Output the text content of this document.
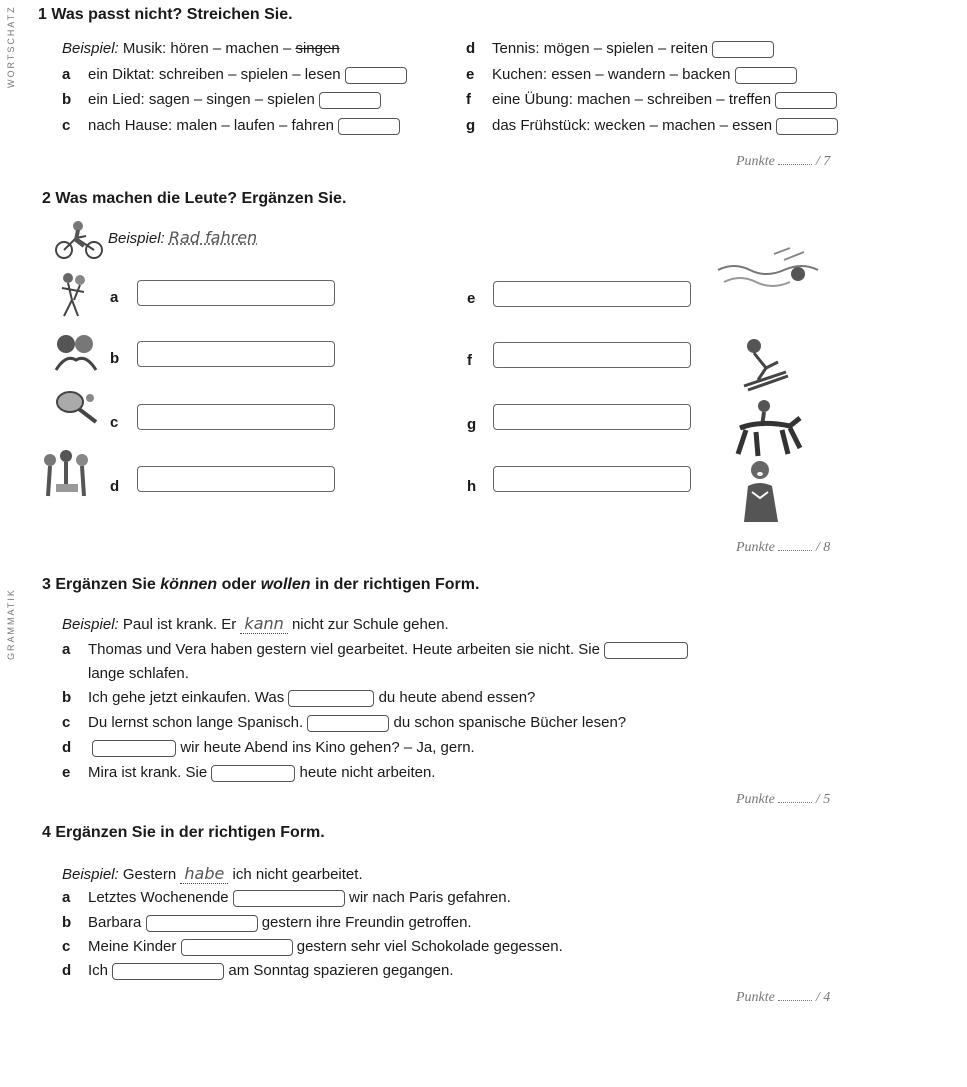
WORTSCHATZ
GRAMMATIK
1 Was passt nicht? Streichen Sie.
Beispiel: Musik: hören – machen – singen
a ein Diktat: schreiben – spielen – lesen
b ein Lied: sagen – singen – spielen
c nach Hause: malen – laufen – fahren
d Tennis: mögen – spielen – reiten
e Kuchen: essen – wandern – backen
f eine Übung: machen – schreiben – treffen
g das Frühstück: wecken – machen – essen
Punkte	/ 7
2 Was machen die Leute? Ergänzen Sie.
Beispiel: Rad fahren
a
b
c
d
e
f
g
h
Punkte	/ 8
3 Ergänzen Sie können oder wollen in der richtigen Form.
Beispiel: Paul ist krank. Er kann nicht zur Schule gehen.
a Thomas und Vera haben gestern viel gearbeitet. Heute arbeiten sie nicht. Sie
lange schlafen.
b Ich gehe jetzt einkaufen. Was	du heute abend essen?
c Du lernst schon lange Spanisch.	du schon spanische Bücher lesen?
d	wir heute Abend ins Kino gehen? – Ja, gern.
e Mira ist krank. Sie	heute nicht arbeiten.
Punkte	/ 5
4 Ergänzen Sie in der richtigen Form.
Beispiel: Gestern habe ich nicht gearbeitet.
a Letztes Wochenende	wir nach Paris gefahren.
b Barbara	gestern ihre Freundin getroffen.
c Meine Kinder	gestern sehr viel Schokolade gegessen.
d Ich	am Sonntag spazieren gegangen.
Punkte	/ 4
